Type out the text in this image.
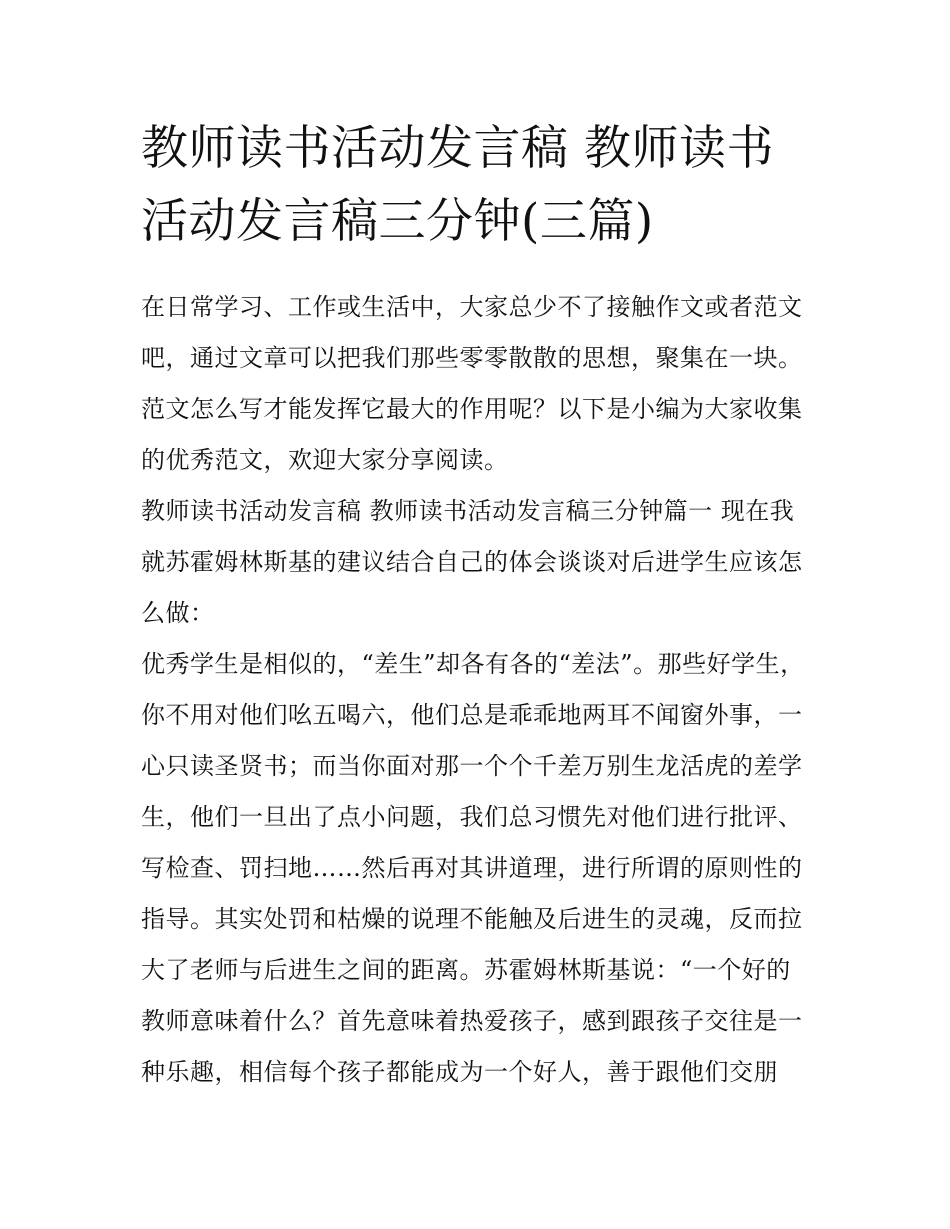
教师读书活动发言稿 教师读书
活动发言稿三分钟(三篇)

在日常学习、工作或生活中，大家总少不了接触作文或者范文吧，通过文章可以把我们那些零零散散的思想，聚集在一块。范文怎么写才能发挥它最大的作用呢？以下是小编为大家收集的优秀范文，欢迎大家分享阅读。

教师读书活动发言稿 教师读书活动发言稿三分钟篇一 现在我就苏霍姆林斯基的建议结合自己的体会谈谈对后进学生应该怎么做：

优秀学生是相似的，“差生”却各有各的“差法”。那些好学生，你不用对他们吆五喝六，他们总是乖乖地两耳不闻窗外事，一心只读圣贤书；而当你面对那一个个千差万别生龙活虎的差学生，他们一旦出了点小问题，我们总习惯先对他们进行批评、写检查、罚扫地……然后再对其讲道理，进行所谓的原则性的指导。其实处罚和枯燥的说理不能触及后进生的灵魂，反而拉大了老师与后进生之间的距离。苏霍姆林斯基说：“一个好的教师意味着什么？首先意味着热爱孩子，感到跟孩子交往是一种乐趣，相信每个孩子都能成为一个好人，善于跟他们交朋
